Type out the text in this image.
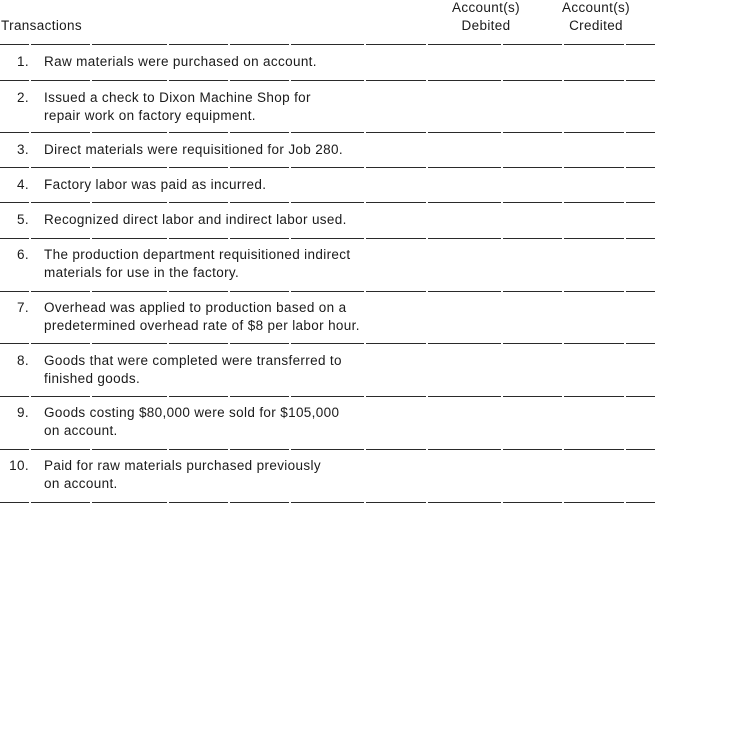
Transactions
Account(s)
Debited
Account(s)
Credited
1. Raw materials were purchased on account.
2. Issued a check to Dixon Machine Shop for
repair work on factory equipment.
3. Direct materials were requisitioned for Job 280.
4. Factory labor was paid as incurred.
5. Recognized direct labor and indirect labor used.
6. The production department requisitioned indirect
materials for use in the factory.
7. Overhead was applied to production based on a
predetermined overhead rate of $8 per labor hour.
8. Goods that were completed were transferred to
finished goods.
9. Goods costing $80,000 were sold for $105,000
on account.
10. Paid for raw materials purchased previously
on account.
